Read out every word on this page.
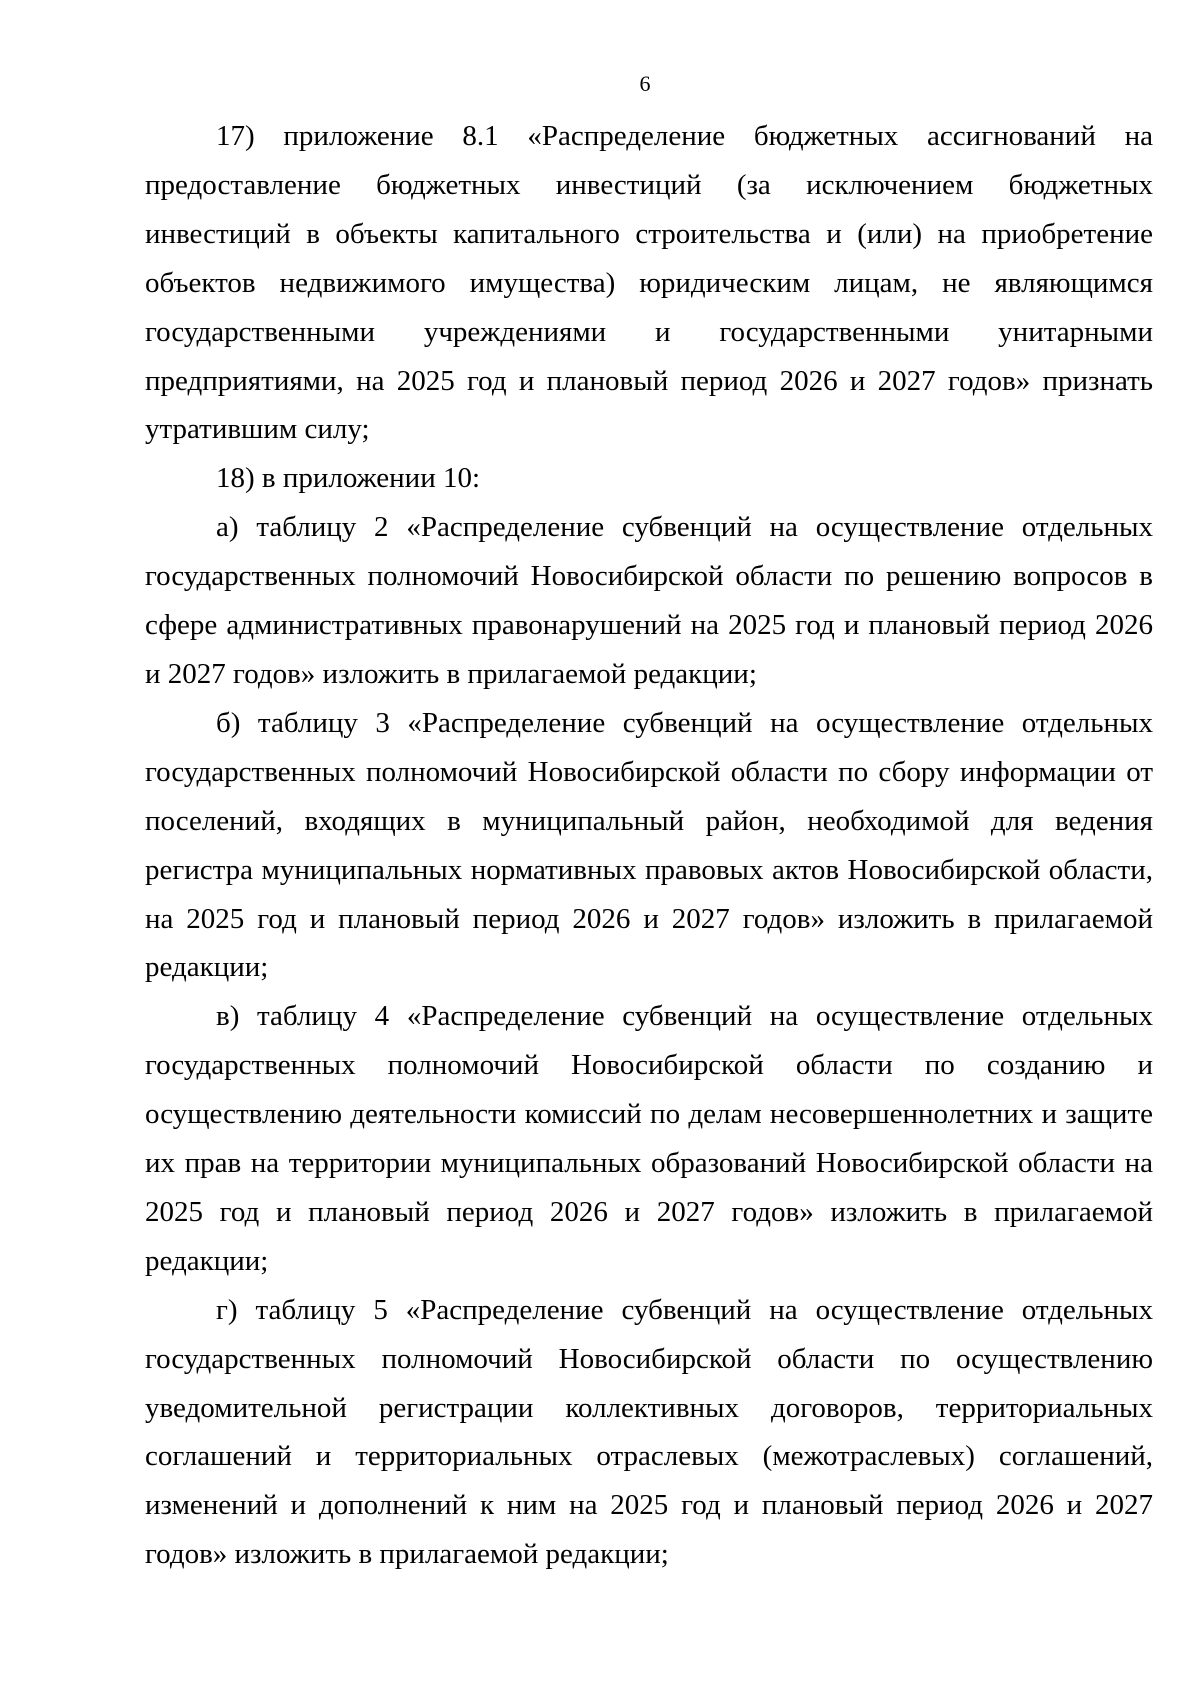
6

17) приложение 8.1 «Распределение бюджетных ассигнований на предоставление бюджетных инвестиций (за исключением бюджетных инвестиций в объекты капитального строительства и (или) на приобретение объектов недвижимого имущества) юридическим лицам, не являющимся государственными учреждениями и государственными унитарными предприятиями, на 2025 год и плановый период 2026 и 2027 годов» признать утратившим силу;

18) в приложении 10:

а) таблицу 2 «Распределение субвенций на осуществление отдельных государственных полномочий Новосибирской области по решению вопросов в сфере административных правонарушений на 2025 год и плановый период 2026 и 2027 годов» изложить в прилагаемой редакции;

б) таблицу 3 «Распределение субвенций на осуществление отдельных государственных полномочий Новосибирской области по сбору информации от поселений, входящих в муниципальный район, необходимой для ведения регистра муниципальных нормативных правовых актов Новосибирской области, на 2025 год и плановый период 2026 и 2027 годов» изложить в прилагаемой редакции;

в) таблицу 4 «Распределение субвенций на осуществление отдельных государственных полномочий Новосибирской области по созданию и осуществлению деятельности комиссий по делам несовершеннолетних и защите их прав на территории муниципальных образований Новосибирской области на 2025 год и плановый период 2026 и 2027 годов» изложить в прилагаемой редакции;

г) таблицу 5 «Распределение субвенций на осуществление отдельных государственных полномочий Новосибирской области по осуществлению уведомительной регистрации коллективных договоров, территориальных соглашений и территориальных отраслевых (межотраслевых) соглашений, изменений и дополнений к ним на 2025 год и плановый период 2026 и 2027 годов» изложить в прилагаемой редакции;
